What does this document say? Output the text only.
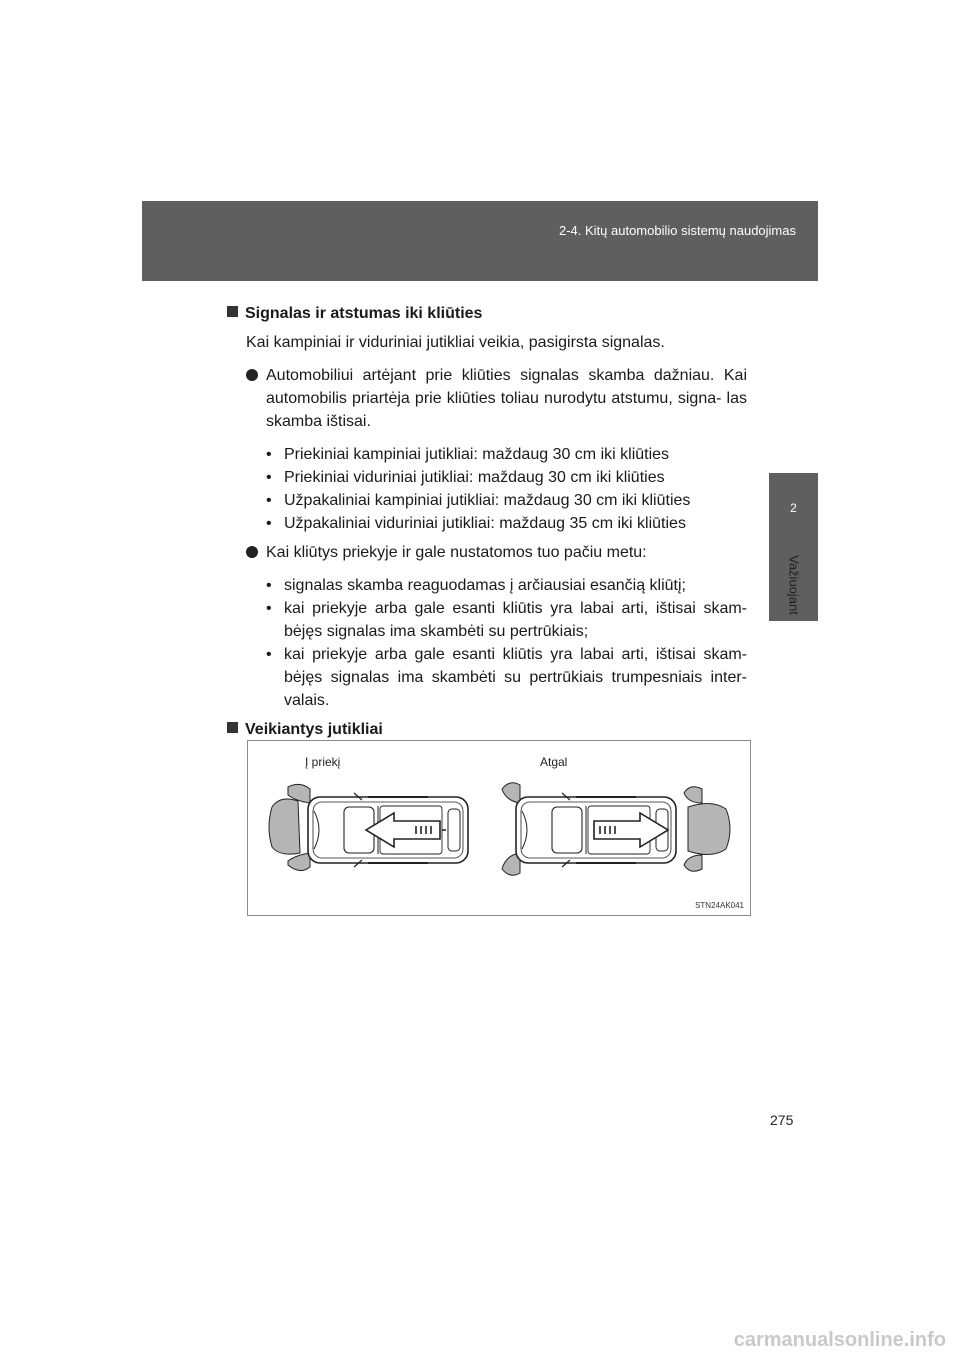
2-4. Kitų automobilio sistemų naudojimas
2
Važiuojant

Signalas ir atstumas iki kliūties

Kai kampiniai ir viduriniai jutikliai veikia, pasigirsta signalas.
Automobiliui artėjant prie kliūties signalas skamba dažniau. Kai automobilis priartėja prie kliūties toliau nurodytu atstumu, signa- las skamba ištisai.
• Priekiniai kampiniai jutikliai: maždaug 30 cm iki kliūties
• Priekiniai viduriniai jutikliai: maždaug 30 cm iki kliūties
• Užpakaliniai kampiniai jutikliai: maždaug 30 cm iki kliūties
• Užpakaliniai viduriniai jutikliai: maždaug 35 cm iki kliūties
Kai kliūtys priekyje ir gale nustatomos tuo pačiu metu:
• signalas skamba reaguodamas į arčiausiai esančią kliūtį;
• kai priekyje arba gale esanti kliūtis yra labai arti, ištisai skam- bėjęs signalas ima skambėti su pertrūkiais;
• kai priekyje arba gale esanti kliūtis yra labai arti, ištisai skam- bėjęs signalas ima skambėti su pertrūkiais trumpesniais inter- valais.

Veikiantys jutikliai

Į priekį	Atgal
STN24AK041
275
carmanualsonline.info
